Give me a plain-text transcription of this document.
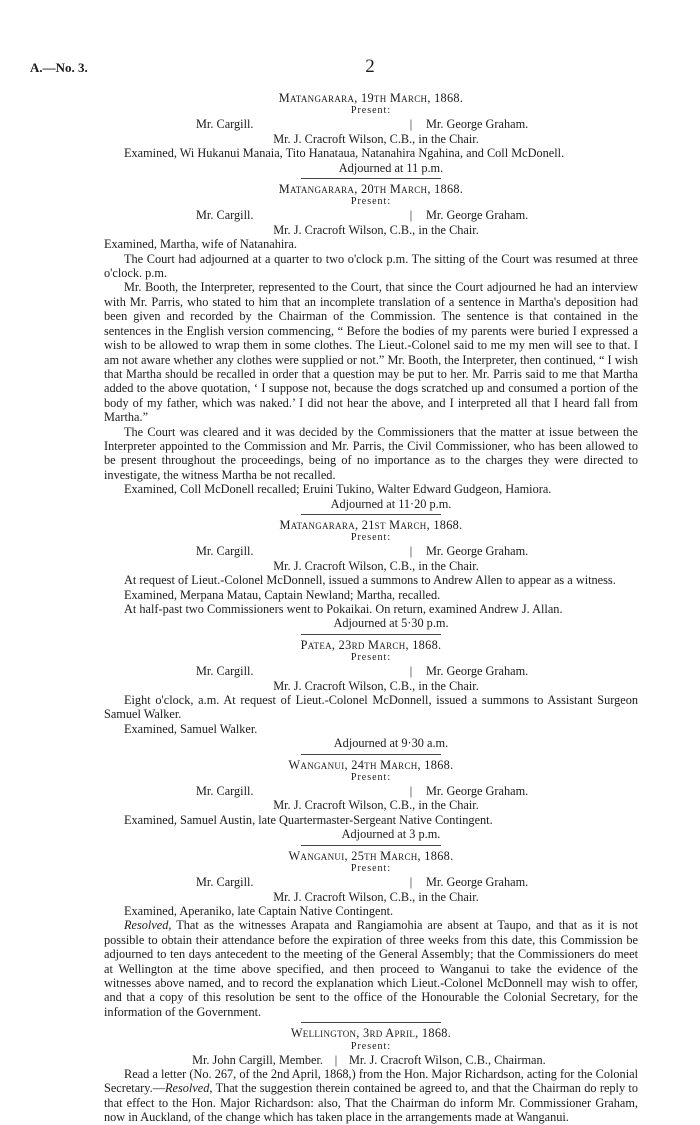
A.—No. 3.	2
Matangarara, 19th March, 1868.
Present:
Mr. Cargill.	|	Mr. George Graham.
Mr. J. Cracroft Wilson, C.B., in the Chair.

Examined, Wi Hukanui Manaia, Tito Hanataua, Natanahira Ngahina, and Coll McDonell.

Adjourned at 11 p.m.
Matangarara, 20th March, 1868.
Present:
Mr. Cargill.	|	Mr. George Graham.
Mr. J. Cracroft Wilson, C.B., in the Chair.

Examined, Martha, wife of Natanahira.

The Court had adjourned at a quarter to two o'clock p.m. The sitting of the Court was resumed at three o'clock. p.m.

Mr. Booth, the Interpreter, represented to the Court, that since the Court adjourned he had an interview with Mr. Parris, who stated to him that an incomplete translation of a sentence in Martha's deposition had been given and recorded by the Chairman of the Commission. The sentence is that contained in the sentences in the English version commencing, “ Before the bodies of my parents were buried I expressed a wish to be allowed to wrap them in some clothes. The Lieut.-Colonel said to me my men will see to that. I am not aware whether any clothes were supplied or not.” Mr. Booth, the Interpreter, then continued, “ I wish that Martha should be recalled in order that a question may be put to her. Mr. Parris said to me that Martha added to the above quotation, ‘ I suppose not, because the dogs scratched up and consumed a portion of the body of my father, which was naked.’ I did not hear the above, and I interpreted all that I heard fall from Martha.”

The Court was cleared and it was decided by the Commissioners that the matter at issue between the Interpreter appointed to the Commission and Mr. Parris, the Civil Commissioner, who has been allowed to be present throughout the proceedings, being of no importance as to the charges they were directed to investigate, the witness Martha be not recalled.

Examined, Coll McDonell recalled; Eruini Tukino, Walter Edward Gudgeon, Hamiora.

Adjourned at 11·20 p.m.
Matangarara, 21st March, 1868.
Present:
Mr. Cargill.	|	Mr. George Graham.
Mr. J. Cracroft Wilson, C.B., in the Chair.

At request of Lieut.-Colonel McDonnell, issued a summons to Andrew Allen to appear as a witness.

Examined, Merpana Matau, Captain Newland; Martha, recalled.

At half-past two Commissioners went to Pokaikai. On return, examined Andrew J. Allan.

Adjourned at 5·30 p.m.
Patea, 23rd March, 1868.
Present:
Mr. Cargill.	|	Mr. George Graham.
Mr. J. Cracroft Wilson, C.B., in the Chair.

Eight o'clock, a.m. At request of Lieut.-Colonel McDonnell, issued a summons to Assistant Surgeon Samuel Walker.

Examined, Samuel Walker.

Adjourned at 9·30 a.m.
Wanganui, 24th March, 1868.
Present:
Mr. Cargill.	|	Mr. George Graham.
Mr. J. Cracroft Wilson, C.B., in the Chair.

Examined, Samuel Austin, late Quartermaster-Sergeant Native Contingent.

Adjourned at 3 p.m.
Wanganui, 25th March, 1868.
Present:
Mr. Cargill.	|	Mr. George Graham.
Mr. J. Cracroft Wilson, C.B., in the Chair.

Examined, Aperaniko, late Captain Native Contingent.

Resolved, That as the witnesses Arapata and Rangiamohia are absent at Taupo, and that as it is not possible to obtain their attendance before the expiration of three weeks from this date, this Commission be adjourned to ten days antecedent to the meeting of the General Assembly; that the Commissioners do meet at Wellington at the time above specified, and then proceed to Wanganui to take the evidence of the witnesses above named, and to record the explanation which Lieut.-Colonel McDonnell may wish to offer, and that a copy of this resolution be sent to the office of the Honourable the Colonial Secretary, for the information of the Government.

Wellington, 3rd April, 1868.
Present:
Mr. John Cargill, Member. | Mr. J. Cracroft Wilson, C.B., Chairman.

Read a letter (No. 267, of the 2nd April, 1868,) from the Hon. Major Richardson, acting for the Colonial Secretary.—Resolved, That the suggestion therein contained be agreed to, and that the Chairman do reply to that effect to the Hon. Major Richardson: also, That the Chairman do inform Mr. Commissioner Graham, now in Auckland, of the change which has taken place in the arrangements made at Wanganui.
